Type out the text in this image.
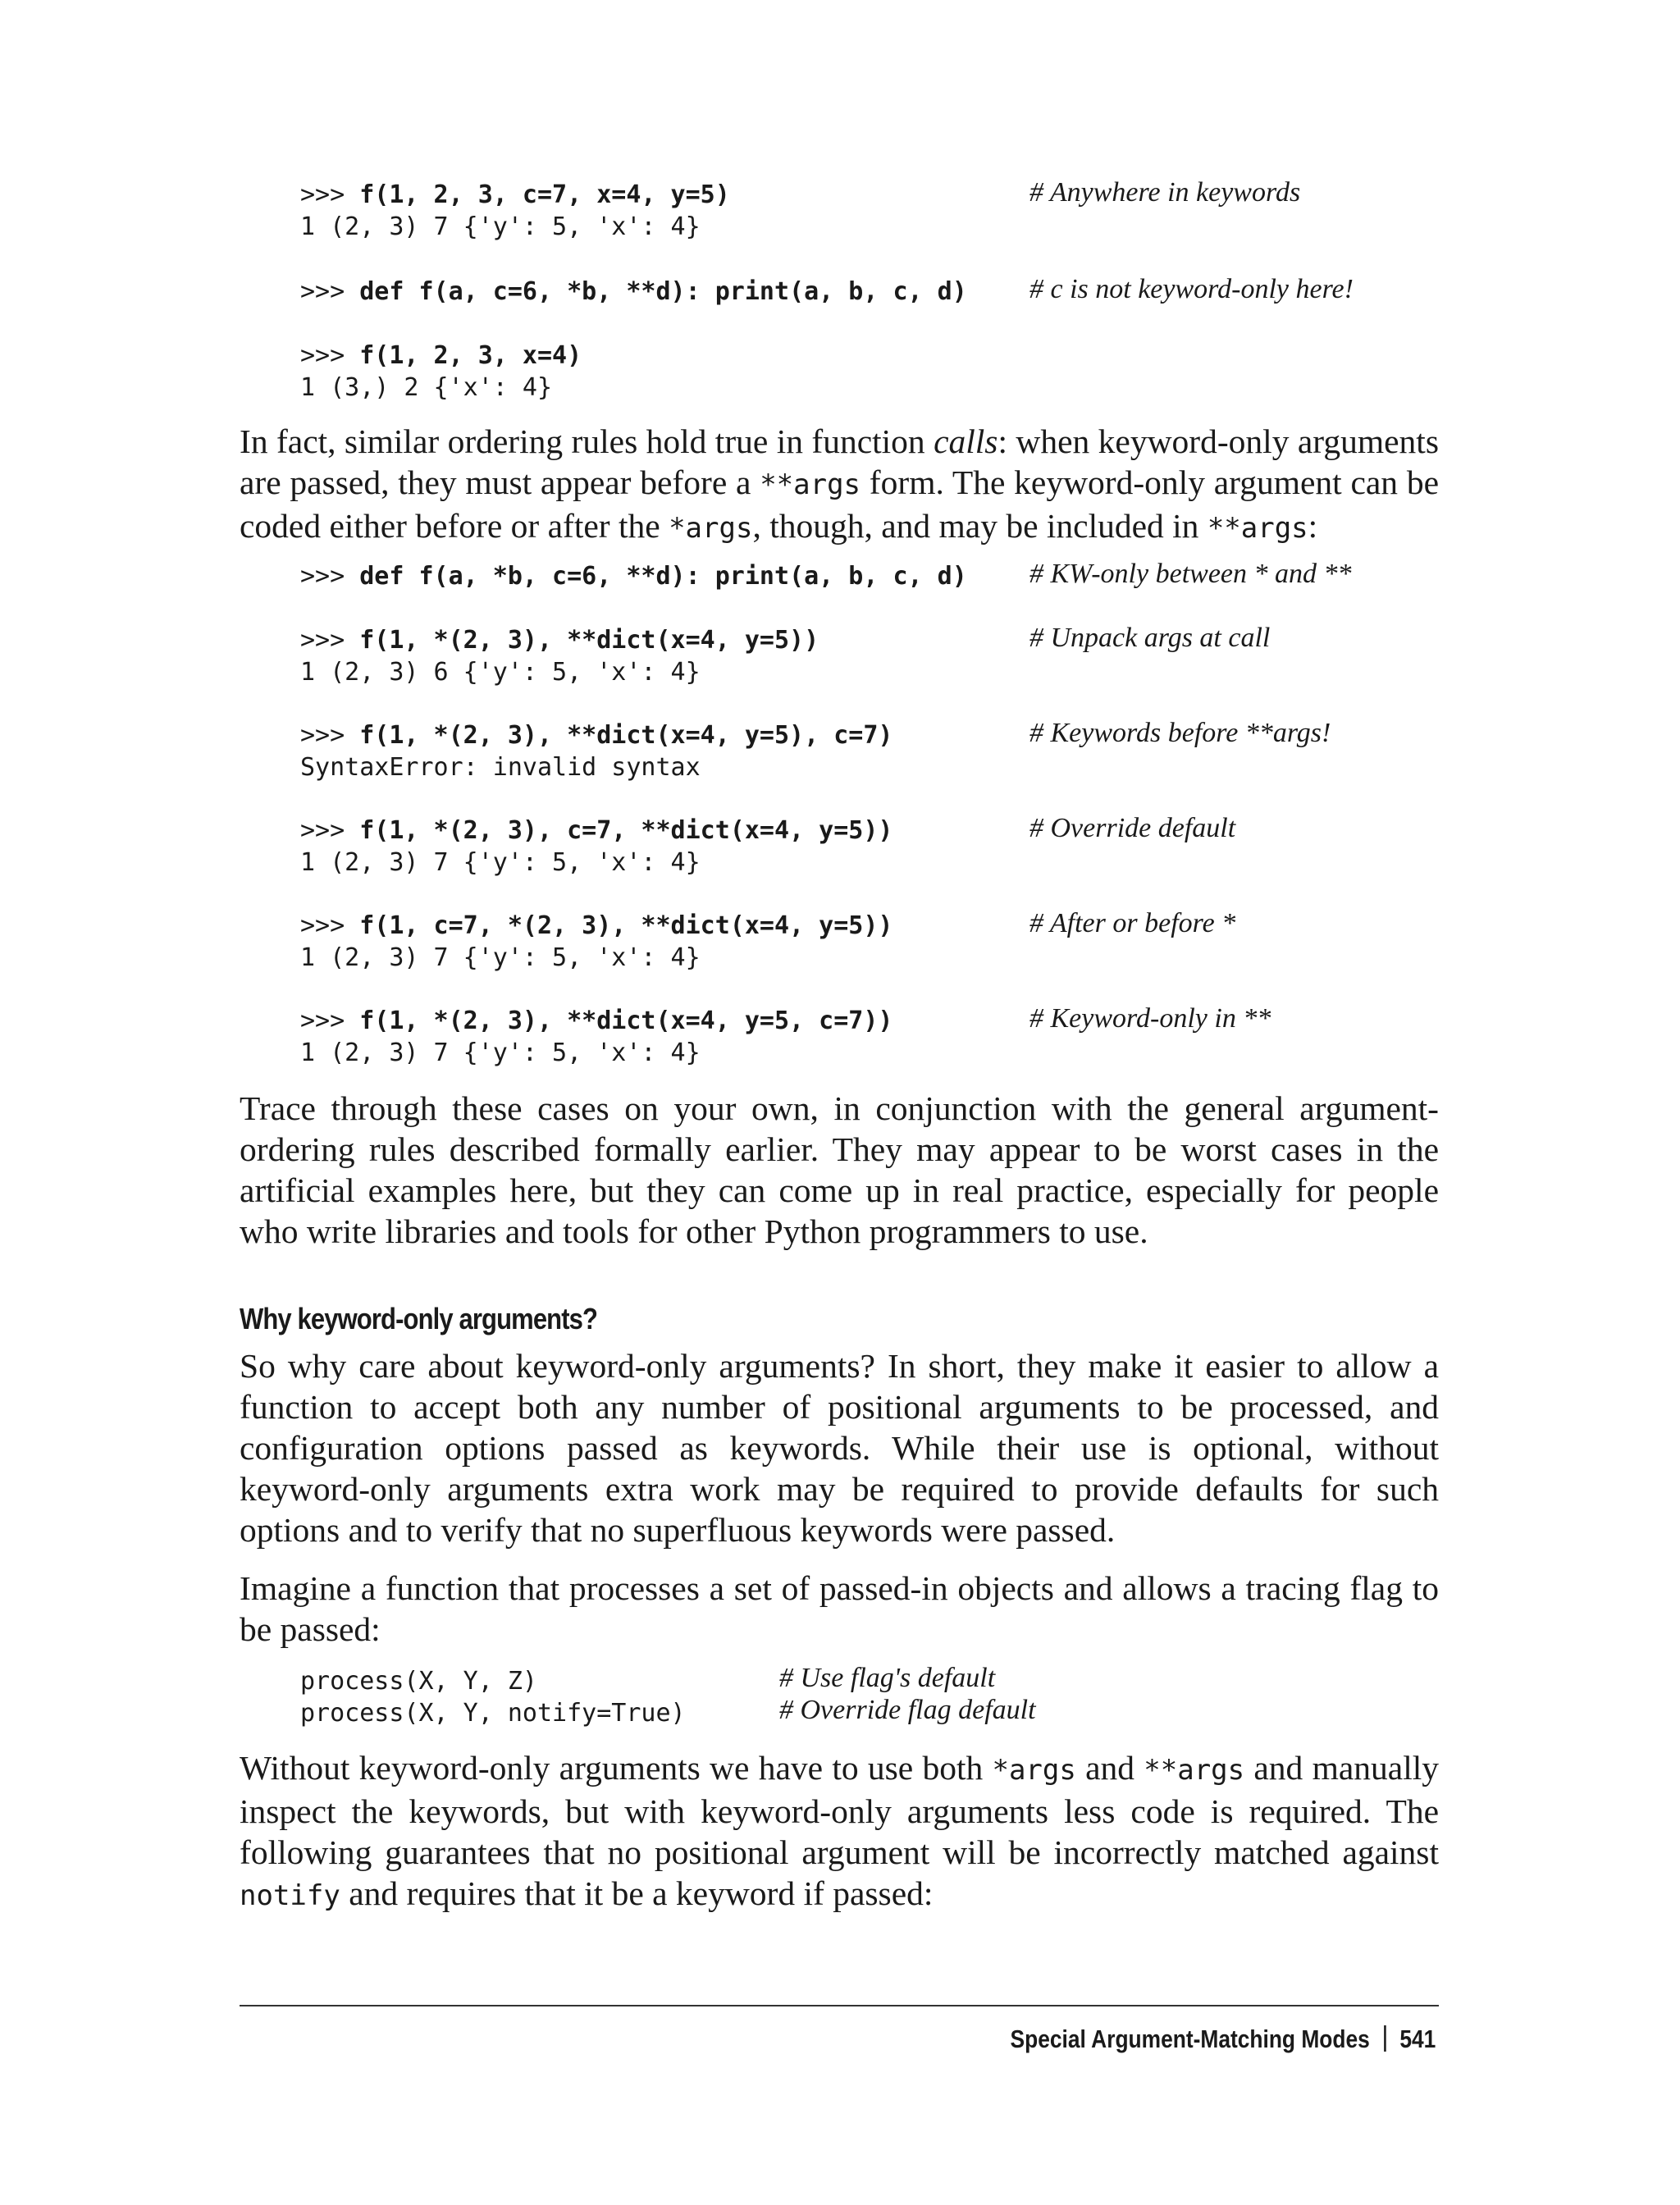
>>> f(1, 2, 3, c=7, x=4, y=5)	# Anywhere in keywords
1 (2, 3) 7 {'y': 5, 'x': 4}
>>> def f(a, c=6, *b, **d): print(a, b, c, d) # c is not keyword-only here!
>>> f(1, 2, 3, x=4)
1 (3,) 2 {'x': 4}

In fact, similar ordering rules hold true in function calls: when keyword-only arguments are passed, they must appear before a **args form. The keyword-only argument can be coded either before or after the *args, though, and may be included in **args:

>>> def f(a, *b, c=6, **d): print(a, b, c, d) # KW-only between * and **
>>> f(1, *(2, 3), **dict(x=4, y=5))	# Unpack args at call
1 (2, 3) 6 {'y': 5, 'x': 4}
>>> f(1, *(2, 3), **dict(x=4, y=5), c=7)	# Keywords before **args!
SyntaxError: invalid syntax
>>> f(1, *(2, 3), c=7, **dict(x=4, y=5))	# Override default
1 (2, 3) 7 {'y': 5, 'x': 4}
>>> f(1, c=7, *(2, 3), **dict(x=4, y=5))	# After or before *
1 (2, 3) 7 {'y': 5, 'x': 4}
>>> f(1, *(2, 3), **dict(x=4, y=5, c=7))	# Keyword-only in **
1 (2, 3) 7 {'y': 5, 'x': 4}

Trace through these cases on your own, in conjunction with the general argument-ordering rules described formally earlier. They may appear to be worst cases in the artificial examples here, but they can come up in real practice, especially for people who write libraries and tools for other Python programmers to use.

Why keyword-only arguments?

So why care about keyword-only arguments? In short, they make it easier to allow a function to accept both any number of positional arguments to be processed, and configuration options passed as keywords. While their use is optional, without keyword-only arguments extra work may be required to provide defaults for such options and to verify that no superfluous keywords were passed.

Imagine a function that processes a set of passed-in objects and allows a tracing flag to be passed:

process(X, Y, Z)	# Use flag's default
process(X, Y, notify=True)	# Override flag default

Without keyword-only arguments we have to use both *args and **args and manually inspect the keywords, but with keyword-only arguments less code is required. The following guarantees that no positional argument will be incorrectly matched against notify and requires that it be a keyword if passed:

Special Argument-Matching Modes 541
